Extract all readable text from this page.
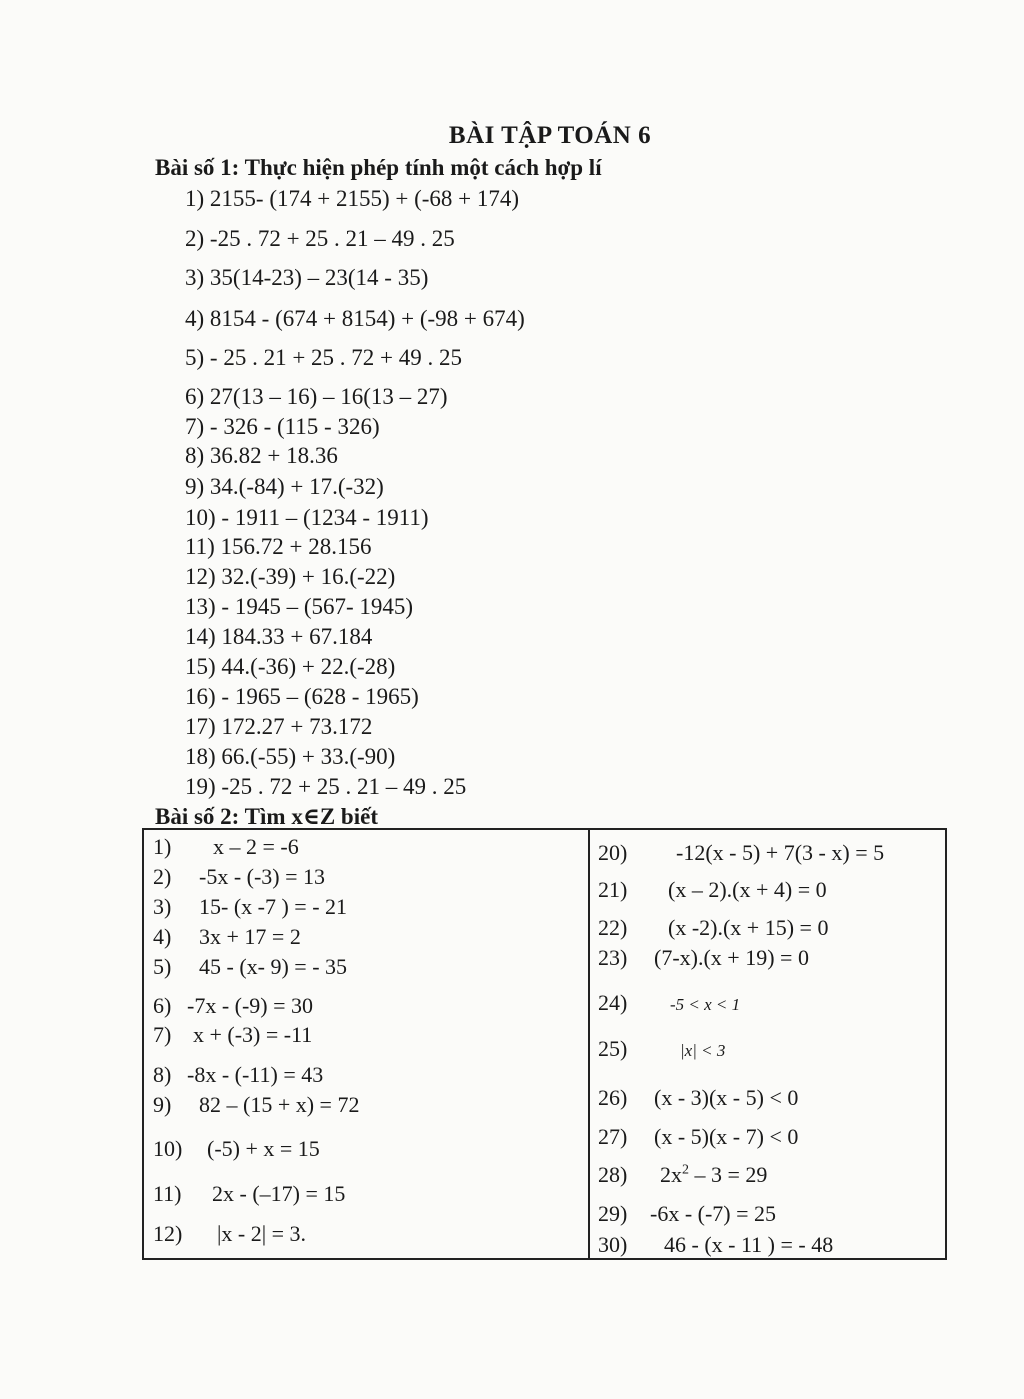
BÀI TẬP TOÁN 6
Bài số 1: Thực hiện phép tính một cách hợp lí
1) 2155- (174 + 2155) + (-68 + 174)
2) -25 . 72 + 25 . 21 – 49 . 25
3) 35(14-23) – 23(14 - 35)
4) 8154 - (674 + 8154) + (-98 + 674)
5) - 25 . 21 + 25 . 72 + 49 . 25
6) 27(13 – 16) – 16(13 – 27)
7) - 326 - (115 - 326)
8) 36.82 + 18.36
9) 34.(-84) + 17.(-32)
10) - 1911 – (1234 - 1911)
11) 156.72 + 28.156
12) 32.(-39) + 16.(-22)
13) - 1945 – (567- 1945)
14) 184.33 + 67.184
15) 44.(-36) + 22.(-28)
16) - 1965 – (628 - 1965)
17) 172.27 + 73.172
18) 66.(-55) + 33.(-90)
19) -25 . 72 + 25 . 21 – 49 . 25
Bài số 2: Tìm x∈Z biết
1) x – 2 = -6
2) -5x - (-3) = 13
3) 15- (x -7 ) = - 21
4) 3x + 17 = 2
5) 45 - (x- 9) = - 35
6) -7x - (-9) = 30
7) x + (-3) = -11
8) -8x - (-11) = 43
9) 82 – (15 + x) = 72
10) (-5) + x = 15
11) 2x - (–17) = 15
12) |x - 2| = 3.
20) -12(x - 5) + 7(3 - x) = 5
21) (x – 2).(x + 4) = 0
22) (x -2).(x + 15) = 0
23) (7-x).(x + 19) = 0
24)	-5 < x < 1
25)	|x| < 3
26) (x - 3)(x - 5) < 0
27) (x - 5)(x - 7) < 0
28) $2x^2 - 3 = 29$
29) -6x - (-7) = 25
30) 46 - (x - 11 ) = - 48
